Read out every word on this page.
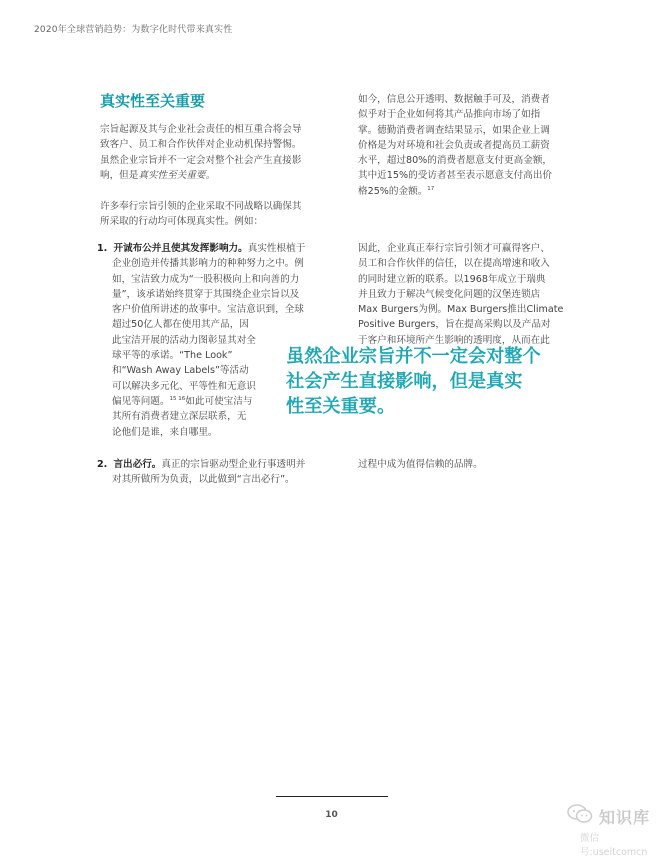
2020年全球营销趋势：为数字化时代带来真实性
真实性至关重要
宗旨起源及其与企业社会责任的相互重合将会导
致客户、员工和合作伙伴对企业动机保持警惕。
虽然企业宗旨并不一定会对整个社会产生直接影
响，但是真实性至关重要。
许多奉行宗旨引领的企业采取不同战略以确保其
所采取的行动均可体现真实性。例如：
1. 开诚布公并且使其发挥影响力。真实性根植于
企业创造并传播其影响力的种种努力之中。例
如，宝洁致力成为“一股积极向上和向善的力
量”，该承诺始终贯穿于其围绕企业宗旨以及
客户价值所讲述的故事中。宝洁意识到，全球
超过50亿人都在使用其产品，因
此宝洁开展的活动力图彰显其对全
球平等的承诺。“The Look”
和“Wash Away Labels”等活动
可以解决多元化、平等性和无意识
偏见等问题。$^{15 16}$如此可使宝洁与
其所有消费者建立深层联系，无
论他们是谁，来自哪里。
2. 言出必行。真正的宗旨驱动型企业行事透明并
对其所做所为负责，以此做到“言出必行”。
如今，信息公开透明、数据触手可及，消费者
似乎对于企业如何将其产品推向市场了如指
掌。德勤消费者调查结果显示，如果企业上调
价格是为对环境和社会负责或者提高员工薪资
水平，超过80%的消费者愿意支付更高金额，
其中近15%的受访者甚至表示愿意支付高出价
格25%的金额。$^{17}$
因此，企业真正奉行宗旨引领才可赢得客户、
员工和合作伙伴的信任，以在提高增速和收入
的同时建立新的联系。以1968年成立于瑞典
并且致力于解决气候变化问题的汉堡连锁店
Max Burgers为例。Max Burgers推出Climate
Positive Burgers，旨在提高采购以及产品对
于客户和环境所产生影响的透明度，从而在此
过程中成为值得信赖的品牌。
虽然企业宗旨并不一定会对整个
社会产生直接影响，但是真实
性至关重要。
10	知识库
微信号:useitcomcn
